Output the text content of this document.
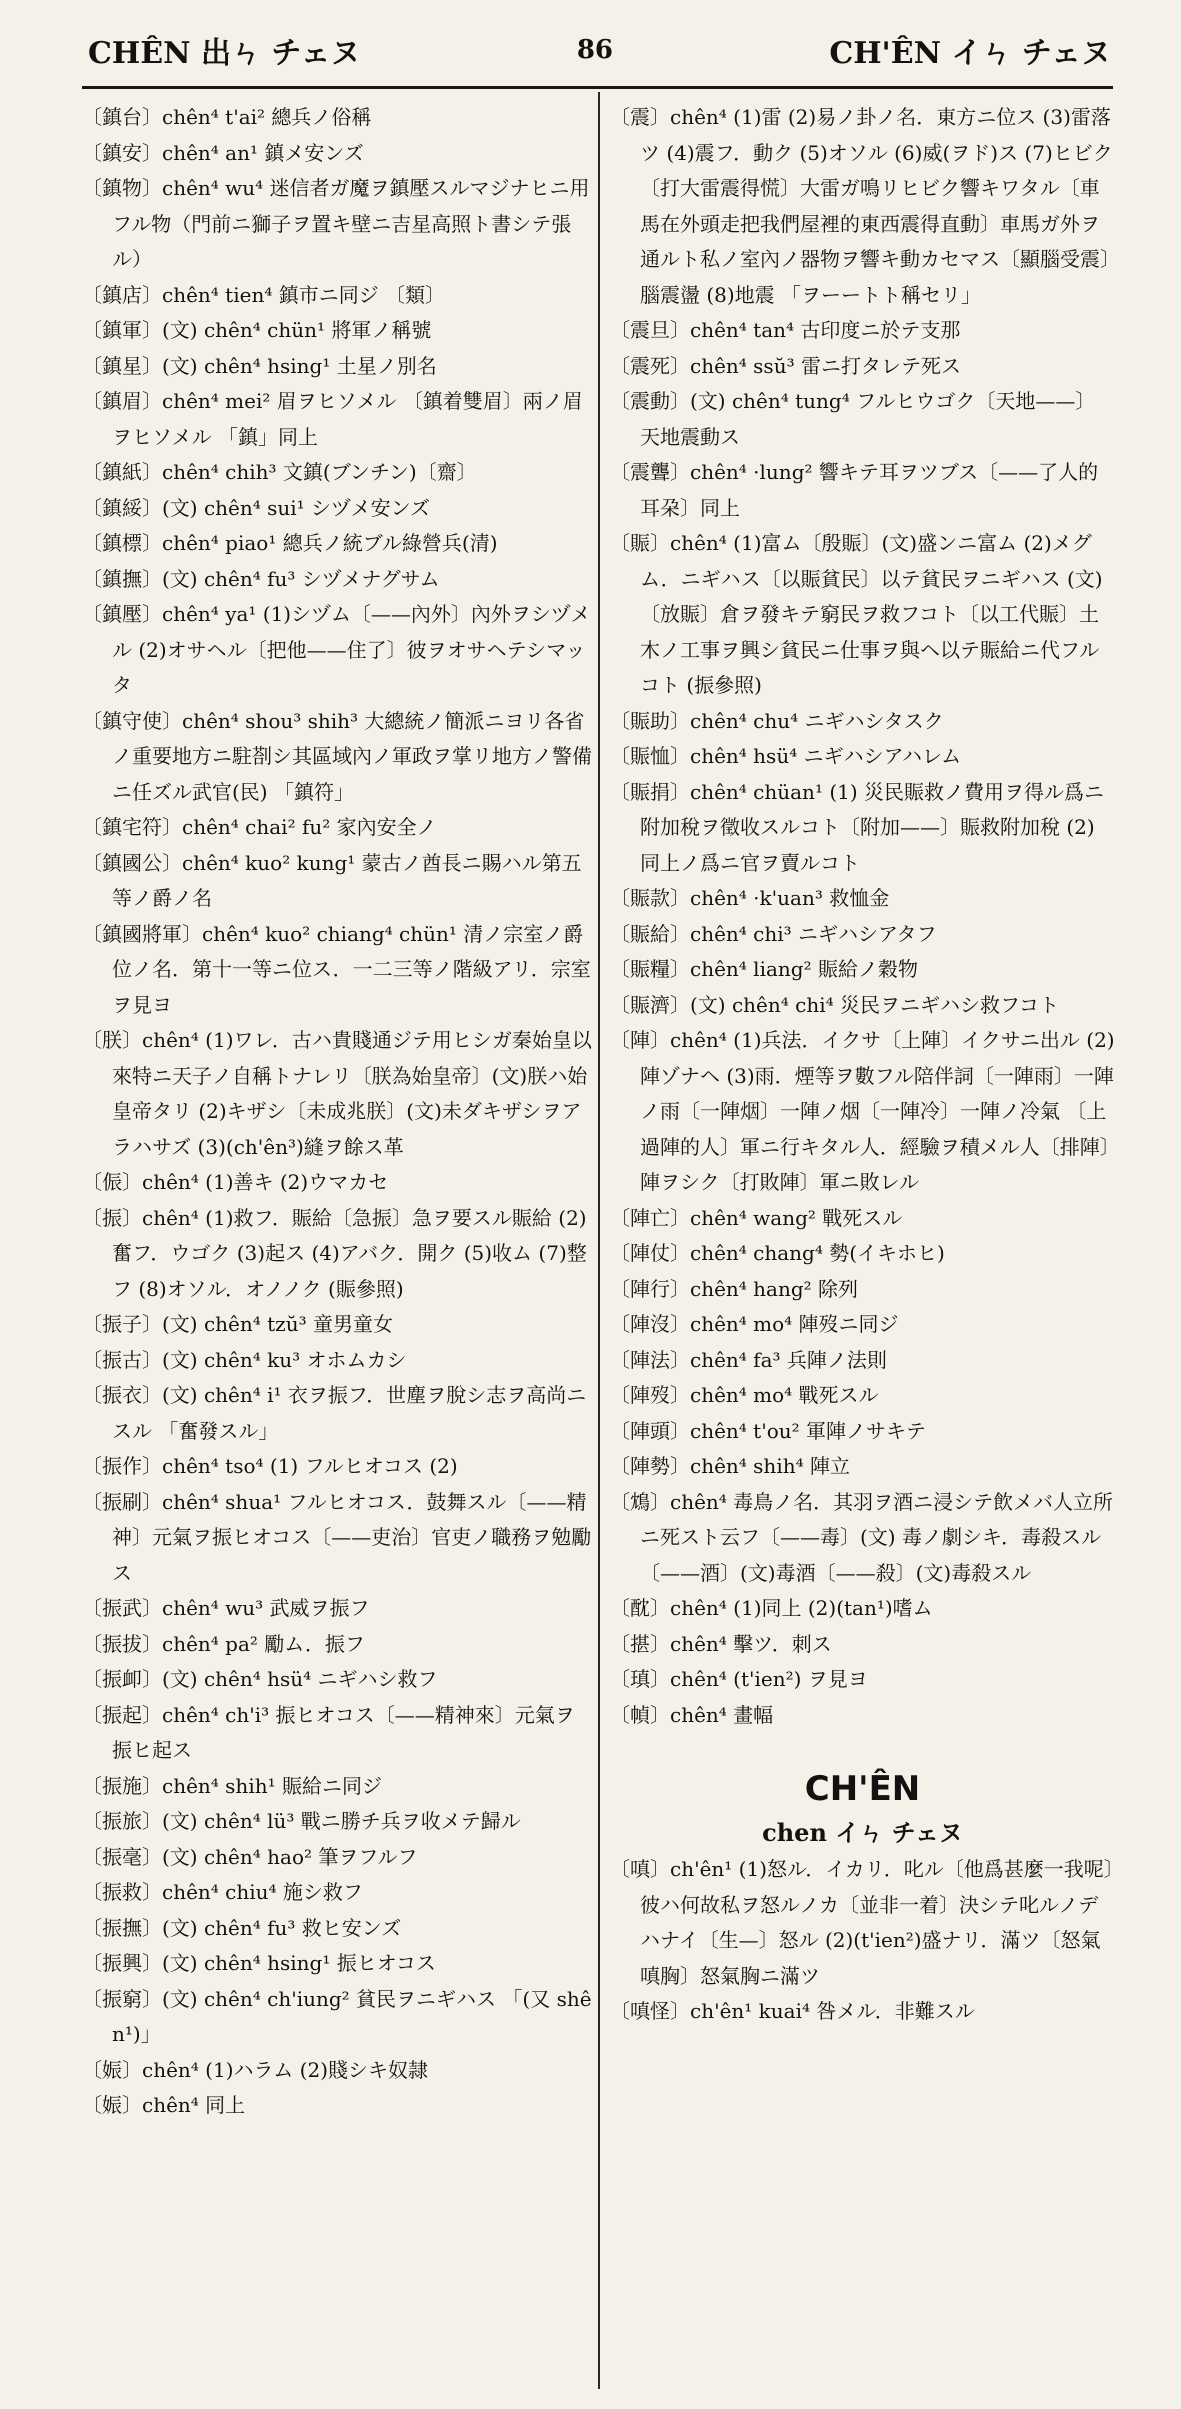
CHÊN 出ㄣ チェヌ	86	CH'ÊN イㄣ チェヌ
〔鎮台〕chên⁴ t'ai² 總兵ノ俗稱
〔鎮安〕chên⁴ an¹ 鎮メ安ンズ
〔鎮物〕chên⁴ wu⁴ 迷信者ガ魔ヲ鎮壓スルマジナヒニ用フル物（門前ニ獅子ヲ置キ壁ニ吉星高照ト書シテ張ル）
〔鎮店〕chên⁴ tien⁴ 鎮市ニ同ジ 〔類〕
〔鎮軍〕(文) chên⁴ chün¹ 將軍ノ稱號
〔鎮星〕(文) chên⁴ hsing¹ 土星ノ別名
〔鎮眉〕chên⁴ mei² 眉ヲヒソメル 〔鎮着雙眉〕兩ノ眉ヲヒソメル 「鎮」同上
〔鎮紙〕chên⁴ chih³ 文鎮(ブンチン)〔齋〕
〔鎮綏〕(文) chên⁴ sui¹ シヅメ安ンズ
〔鎮標〕chên⁴ piao¹ 總兵ノ統ブル綠營兵(清)
〔鎮撫〕(文) chên⁴ fu³ シヅメナグサム
〔鎮壓〕chên⁴ ya¹ (1)シヅム〔——內外〕內外ヲシヅメル (2)オサヘル〔把他——住了〕彼ヲオサヘテシマッタ
〔鎮守使〕chên⁴ shou³ shih³ 大總統ノ簡派ニヨリ各省ノ重要地方ニ駐剳シ其區域內ノ軍政ヲ掌リ地方ノ警備ニ任ズル武官(民) 「鎮符」
〔鎮宅符〕chên⁴ chai² fu² 家內安全ノ
〔鎮國公〕chên⁴ kuo² kung¹ 蒙古ノ酋長ニ賜ハル第五等ノ爵ノ名
〔鎮國將軍〕chên⁴ kuo² chiang⁴ chün¹ 清ノ宗室ノ爵位ノ名．第十一等ニ位ス．一二三等ノ階級アリ．宗室ヲ見ヨ
〔朕〕chên⁴ (1)ワレ．古ハ貴賤通ジテ用ヒシガ秦始皇以來特ニ天子ノ自稱トナレリ〔朕為始皇帝〕(文)朕ハ始皇帝タリ (2)キザシ〔未成兆朕〕(文)未ダキザシヲアラハサズ (3)(ch'ên³)縫ヲ餘ス革
〔侲〕chên⁴ (1)善キ (2)ウマカセ
〔振〕chên⁴ (1)救フ．賑給〔急振〕急ヲ要スル賑給 (2)奮フ．ウゴク (3)起ス (4)アバク．開ク (5)收ム (7)整フ (8)オソル．オノノク (賑參照)
〔振子〕(文) chên⁴ tzŭ³ 童男童女
〔振古〕(文) chên⁴ ku³ オホムカシ
〔振衣〕(文) chên⁴ i¹ 衣ヲ振フ．世塵ヲ脫シ志ヲ高尚ニスル 「奮發スル」
〔振作〕chên⁴ tso⁴ (1) フルヒオコス (2)
〔振刷〕chên⁴ shua¹ フルヒオコス．鼓舞スル〔——精神〕元氣ヲ振ヒオコス〔——吏治〕官吏ノ職務ヲ勉勵ス
〔振武〕chên⁴ wu³ 武威ヲ振フ
〔振拔〕chên⁴ pa² 勵ム．振フ
〔振卹〕(文) chên⁴ hsü⁴ ニギハシ救フ
〔振起〕chên⁴ ch'i³ 振ヒオコス〔——精神來〕元氣ヲ振ヒ起ス
〔振施〕chên⁴ shih¹ 賑給ニ同ジ
〔振旅〕(文) chên⁴ lü³ 戰ニ勝チ兵ヲ收メテ歸ル
〔振毫〕(文) chên⁴ hao² 筆ヲフルフ
〔振救〕chên⁴ chiu⁴ 施シ救フ
〔振撫〕(文) chên⁴ fu³ 救ヒ安ンズ
〔振興〕(文) chên⁴ hsing¹ 振ヒオコス
〔振窮〕(文) chên⁴ ch'iung² 貧民ヲニギハス 「(又 shên¹)」
〔娠〕chên⁴ (1)ハラム (2)賤シキ奴隷
〔娠〕chên⁴ 同上
〔震〕chên⁴ (1)雷 (2)易ノ卦ノ名．東方ニ位ス (3)雷落ツ (4)震フ．動ク (5)オソル (6)威(ヲド)ス (7)ヒビク〔打大雷震得慌〕大雷ガ鳴リヒビク響キワタル〔車馬在外頭走把我們屋裡的東西震得直動〕車馬ガ外ヲ通ルト私ノ室內ノ器物ヲ響キ動カセマス〔顯腦受震〕腦震盪 (8)地震 「ヲーートト稱セリ」
〔震旦〕chên⁴ tan⁴ 古印度ニ於テ支那
〔震死〕chên⁴ ssŭ³ 雷ニ打タレテ死ス
〔震動〕(文) chên⁴ tung⁴ フルヒウゴク〔天地——〕天地震動ス
〔震聾〕chên⁴ ·lung² 響キテ耳ヲツブス〔——了人的耳朶〕同上
〔賑〕chên⁴ (1)富ム〔殷賑〕(文)盛ンニ富ム (2)メグム．ニギハス〔以賑貧民〕以テ貧民ヲニギハス (文)〔放賑〕倉ヲ發キテ窮民ヲ救フコト〔以工代賑〕土木ノ工事ヲ興シ貧民ニ仕事ヲ與ヘ以テ賑給ニ代フルコト (振參照)
〔賑助〕chên⁴ chu⁴ ニギハシタスク
〔賑恤〕chên⁴ hsü⁴ ニギハシアハレム
〔賑捐〕chên⁴ chüan¹ (1) 災民賑救ノ費用ヲ得ル爲ニ附加稅ヲ徵收スルコト〔附加——〕賑救附加稅 (2) 同上ノ爲ニ官ヲ賣ルコト
〔賑款〕chên⁴ ·k'uan³ 救恤金
〔賑給〕chên⁴ chi³ ニギハシアタフ
〔賑糧〕chên⁴ liang² 賑給ノ穀物
〔賑濟〕(文) chên⁴ chi⁴ 災民ヲニギハシ救フコト
〔陣〕chên⁴ (1)兵法．イクサ〔上陣〕イクサニ出ル (2)陣ゾナヘ (3)雨．煙等ヲ數フル陪伴詞〔一陣雨〕一陣ノ雨〔一陣烟〕一陣ノ烟〔一陣冷〕一陣ノ冷氣 〔上過陣的人〕軍ニ行キタル人．經驗ヲ積メル人〔排陣〕陣ヲシク〔打敗陣〕軍ニ敗レル
〔陣亡〕chên⁴ wang² 戰死スル
〔陣仗〕chên⁴ chang⁴ 勢(イキホヒ)
〔陣行〕chên⁴ hang² 除列
〔陣沒〕chên⁴ mo⁴ 陣歿ニ同ジ
〔陣法〕chên⁴ fa³ 兵陣ノ法則
〔陣歿〕chên⁴ mo⁴ 戰死スル
〔陣頭〕chên⁴ t'ou² 軍陣ノサキテ
〔陣勢〕chên⁴ shih⁴ 陣立
〔鴆〕chên⁴ 毒鳥ノ名．其羽ヲ酒ニ浸シテ飲メバ人立所ニ死スト云フ〔——毒〕(文) 毒ノ劇シキ．毒殺スル〔——酒〕(文)毒酒〔——殺〕(文)毒殺スル
〔酖〕chên⁴ (1)同上 (2)(tan¹)嗜ム
〔揕〕chên⁴ 擊ツ．刺ス
〔瑱〕chên⁴ (t'ien²) ヲ見ヨ
〔幀〕chên⁴ 畫幅
CH'ÊN
chen イㄣ チェヌ
〔嗔〕ch'ên¹ (1)怒ル．イカリ．叱ル〔他爲甚麼一我呢〕彼ハ何故私ヲ怒ルノカ〔並非一着〕決シテ叱ルノデハナイ〔生—〕怒ル (2)(t'ien²)盛ナリ．滿ツ〔怒氣嗔胸〕怒氣胸ニ滿ツ
〔嗔怪〕ch'ên¹ kuai⁴ 咎メル．非難スル
